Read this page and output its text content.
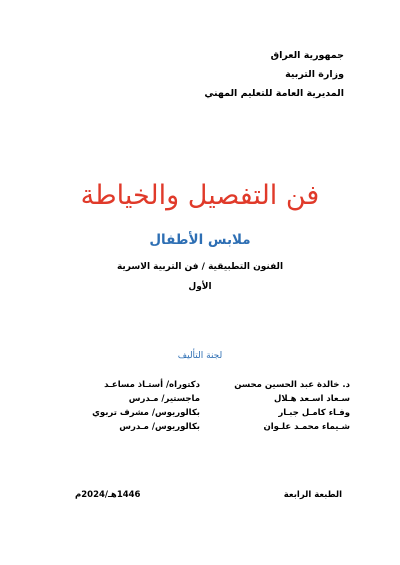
جمهورية العراق
وزارة التربية
المديرية العامة للتعليم المهني
فن التفصيل والخياطة
ملابس الأطفال
الفنون التطبيقية / فن التربية الاسرية
الأول
لجنة التأليف
د. خالدة عبد الحسين محسن
دكتوراه/ أستـاذ مساعـد
سـعاد اسـعد هـلال
ماجستير/ مـدرس
وفـاء كامـل جبـار
بكالوريوس/ مشرف تربوي
شـيماء محمـد علـوان
بكالوريوس/ مـدرس
الطبعة الرابعة
1446هـ/2024م
